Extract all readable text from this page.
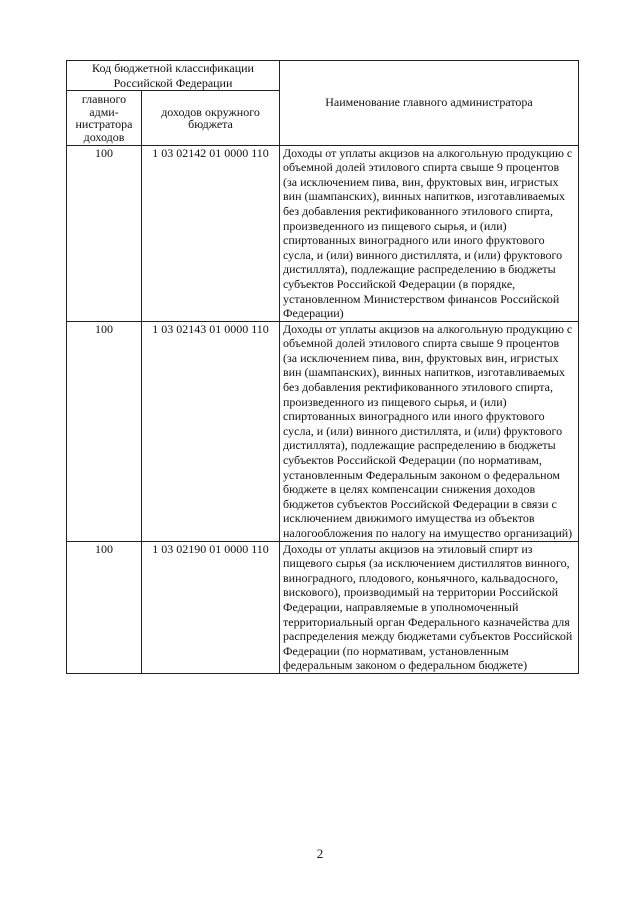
Код бюджетной классификации Российской Федерации		Наименование главного администратора
главного адми-нистратора доходов	доходов окружного бюджета	
100	1 03 02142 01 0000 110	Доходы от уплаты акцизов на алкогольную продукцию с объемной долей этилового спирта свыше 9 процентов (за исключением пива, вин, фруктовых вин, игристых вин (шампанских), винных напитков, изготавливаемых без добавления ректификованного этилового спирта, произведенного из пищевого сырья, и (или) спиртованных виноградного или иного фруктового сусла, и (или) винного дистиллята, и (или) фруктового дистиллята), подлежащие распределению в бюджеты субъектов Российской Федерации (в порядке, установленном Министерством финансов Российской Федерации)
100	1 03 02143 01 0000 110	Доходы от уплаты акцизов на алкогольную продукцию с объемной долей этилового спирта свыше 9 процентов (за исключением пива, вин, фруктовых вин, игристых вин (шампанских), винных напитков, изготавливаемых без добавления ректификованного этилового спирта, произведенного из пищевого сырья, и (или) спиртованных виноградного или иного фруктового сусла, и (или) винного дистиллята, и (или) фруктового дистиллята), подлежащие распределению в бюджеты субъектов Российской Федерации (по нормативам, установленным Федеральным законом о федеральном бюджете в целях компенсации снижения доходов бюджетов субъектов Российской Федерации в связи с исключением движимого имущества из объектов налогообложения по налогу на имущество организаций)
100	1 03 02190 01 0000 110	Доходы от уплаты акцизов на этиловый спирт из пищевого сырья (за исключением дистиллятов винного, виноградного, плодового, коньячного, кальвадосного, вискового), производимый на территории Российской Федерации, направляемые в уполномоченный территориальный орган Федерального казначейства для распределения между бюджетами субъектов Российской Федерации (по нормативам, установленным федеральным законом о федеральном бюджете)
2
